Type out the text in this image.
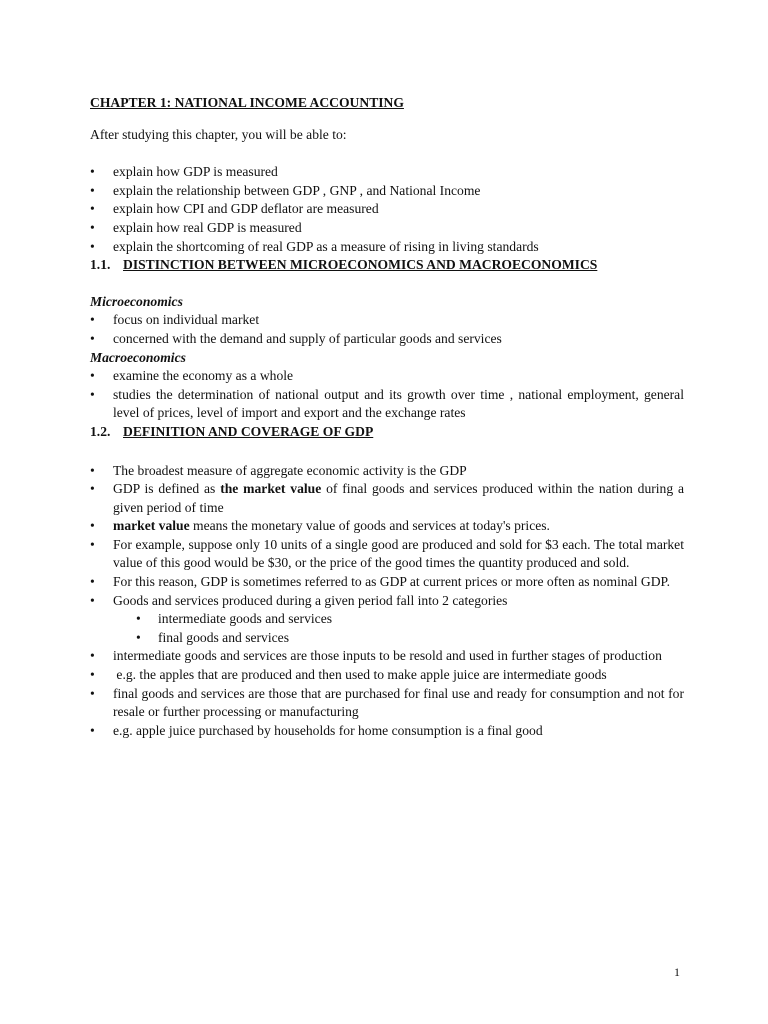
CHAPTER 1: NATIONAL INCOME ACCOUNTING

After studying this chapter, you will be able to:

• explain how GDP is measured
• explain the relationship between GDP , GNP , and National Income
• explain how CPI and GDP deflator are measured
• explain how real GDP is measured
• explain the shortcoming of real GDP as a measure of rising in living standards

1.1. DISTINCTION BETWEEN MICROECONOMICS AND MACROECONOMICS

Microeconomics

• focus on individual market
• concerned with the demand and supply of particular goods and services

Macroeconomics

• examine the economy as a whole
• studies the determination of national output and its growth over time , national employment, general level of prices, level of import and export and the exchange rates

1.2. DEFINITION AND COVERAGE OF GDP

• The broadest measure of aggregate economic activity is the GDP
• GDP is defined as the market value of final goods and services produced within the nation during a given period of time
• market value means the monetary value of goods and services at today's prices.
• For example, suppose only 10 units of a single good are produced and sold for $3 each. The total market value of this good would be $30, or the price of the good times the quantity produced and sold.
• For this reason, GDP is sometimes referred to as GDP at current prices or more often as nominal GDP.
• Goods and services produced during a given period fall into 2 categories
• intermediate goods and services
• final goods and services
• intermediate goods and services are those inputs to be resold and used in further stages of production
•  e.g. the apples that are produced and then used to make apple juice are intermediate goods
• final goods and services are those that are purchased for final use and ready for consumption and not for resale or further processing or manufacturing
• e.g. apple juice purchased by households for home consumption is a final good
1
